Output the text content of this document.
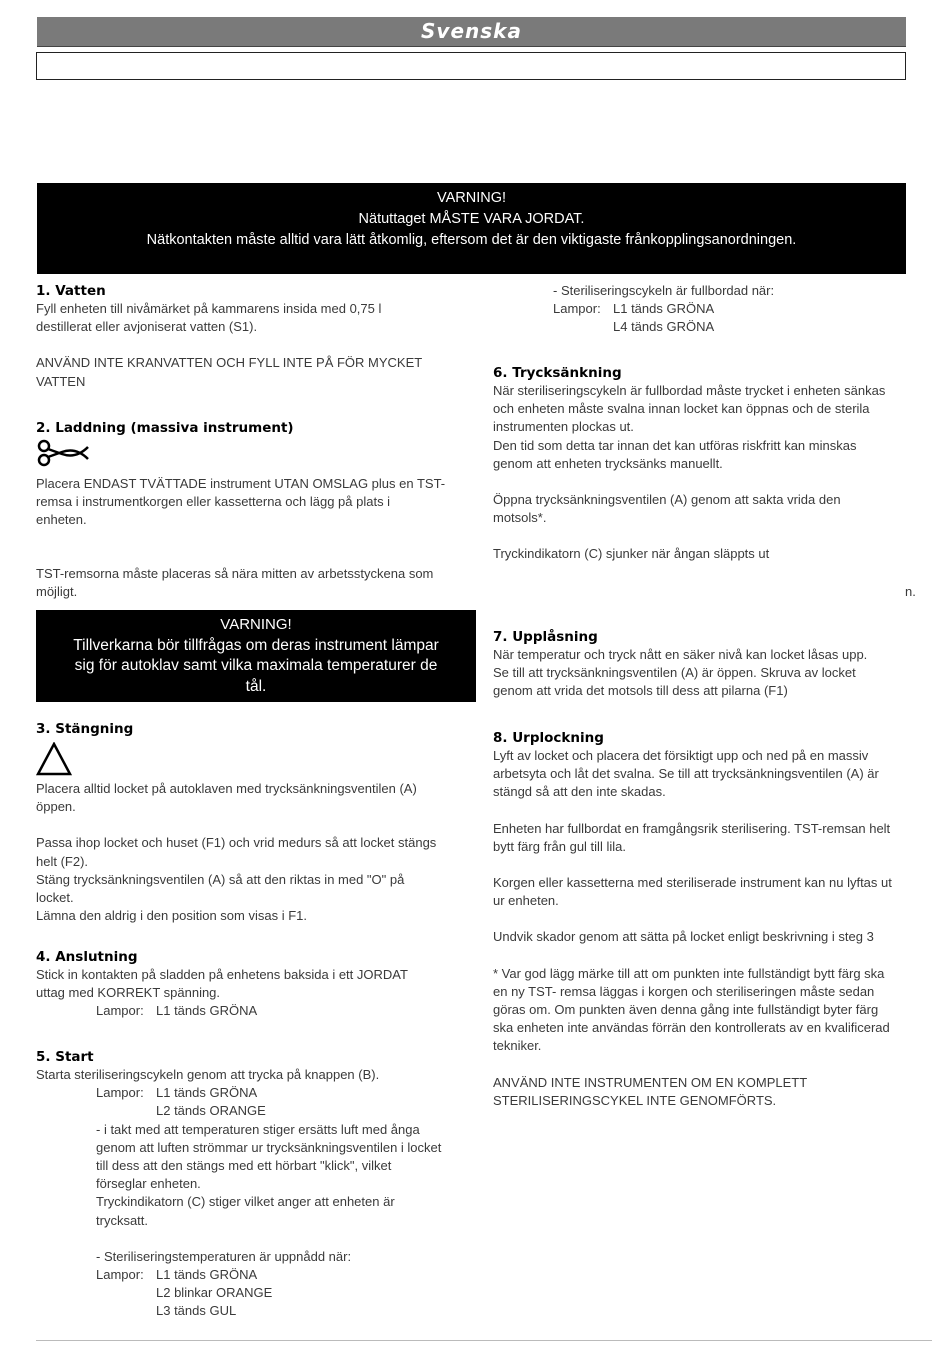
Svenska
VARNING!
Nätuttaget MÅSTE VARA JORDAT.
Nätkontakten måste alltid vara lätt åtkomlig, eftersom det är den viktigaste frånkopplingsanordningen.
1. Vatten
Fyll enheten till nivåmärket på kammarens insida med 0,75 l
destillerat eller avjoniserat vatten (S1).
ANVÄND INTE KRANVATTEN OCH FYLL INTE PÅ FÖR MYCKET
VATTEN
2. Laddning (massiva instrument)
Placera ENDAST TVÄTTADE instrument UTAN OMSLAG plus en TST-
remsa i instrumentkorgen eller kassetterna och lägg på plats i
enheten.
TST-remsorna måste placeras så nära mitten av arbetsstyckena som
möjligt.
VARNING!
Tillverkarna bör tillfrågas om deras instrument lämpar
sig för autoklav samt vilka maximala temperaturer de
tål.
3. Stängning
Placera alltid locket på autoklaven med trycksänkningsventilen (A)
öppen.
Passa ihop locket och huset (F1) och vrid medurs så att locket stängs
helt (F2).
Stäng trycksänkningsventilen (A) så att den riktas in med "O" på
locket.
Lämna den aldrig i den position som visas i F1.
4. Anslutning
Stick in kontakten på sladden på enhetens baksida i ett JORDAT
uttag med KORREKT spänning.
Lampor: L1 tänds GRÖNA
5. Start
Starta steriliseringscykeln genom att trycka på knappen (B).
Lampor: L1 tänds GRÖNA
L2 tänds ORANGE
- i takt med att temperaturen stiger ersätts luft med ånga
genom att luften strömmar ur trycksänkningsventilen i locket
till dess att den stängs med ett hörbart "klick", vilket
förseglar enheten.
Tryckindikatorn (C) stiger vilket anger att enheten är
trycksatt.
- Steriliseringstemperaturen är uppnådd när:
Lampor: L1 tänds GRÖNA
L2 blinkar ORANGE
L3 tänds GUL
- Steriliseringscykeln är fullbordad när:
Lampor: L1 tänds GRÖNA
L4 tänds GRÖNA
6. Trycksänkning
När steriliseringscykeln är fullbordad måste trycket i enheten sänkas
och enheten måste svalna innan locket kan öppnas och de sterila
instrumenten plockas ut.
Den tid som detta tar innan det kan utföras riskfritt kan minskas
genom att enheten trycksänks manuellt.
Öppna trycksänkningsventilen (A) genom att sakta vrida den
motsols*.
Tryckindikatorn (C) sjunker när ångan släppts ut
n.
7. Upplåsning
När temperatur och tryck nått en säker nivå kan locket låsas upp.
Se till att trycksänkningsventilen (A) är öppen. Skruva av locket
genom att vrida det motsols till dess att pilarna (F1)
8. Urplockning
Lyft av locket och placera det försiktigt upp och ned på en massiv
arbetsyta och låt det svalna. Se till att trycksänkningsventilen (A) är
stängd så att den inte skadas.
Enheten har fullbordat en framgångsrik sterilisering. TST-remsan helt
bytt färg från gul till lila.
Korgen eller kassetterna med steriliserade instrument kan nu lyftas ut
ur enheten.
Undvik skador genom att sätta på locket enligt beskrivning i steg 3
* Var god lägg märke till att om punkten inte fullständigt bytt färg ska
en ny TST- remsa läggas i korgen och steriliseringen måste sedan
göras om. Om punkten även denna gång inte fullständigt byter färg
ska enheten inte användas förrän den kontrollerats av en kvalificerad
tekniker.
ANVÄND INTE INSTRUMENTEN OM EN KOMPLETT
STERILISERINGSCYKEL INTE GENOMFÖRTS.
